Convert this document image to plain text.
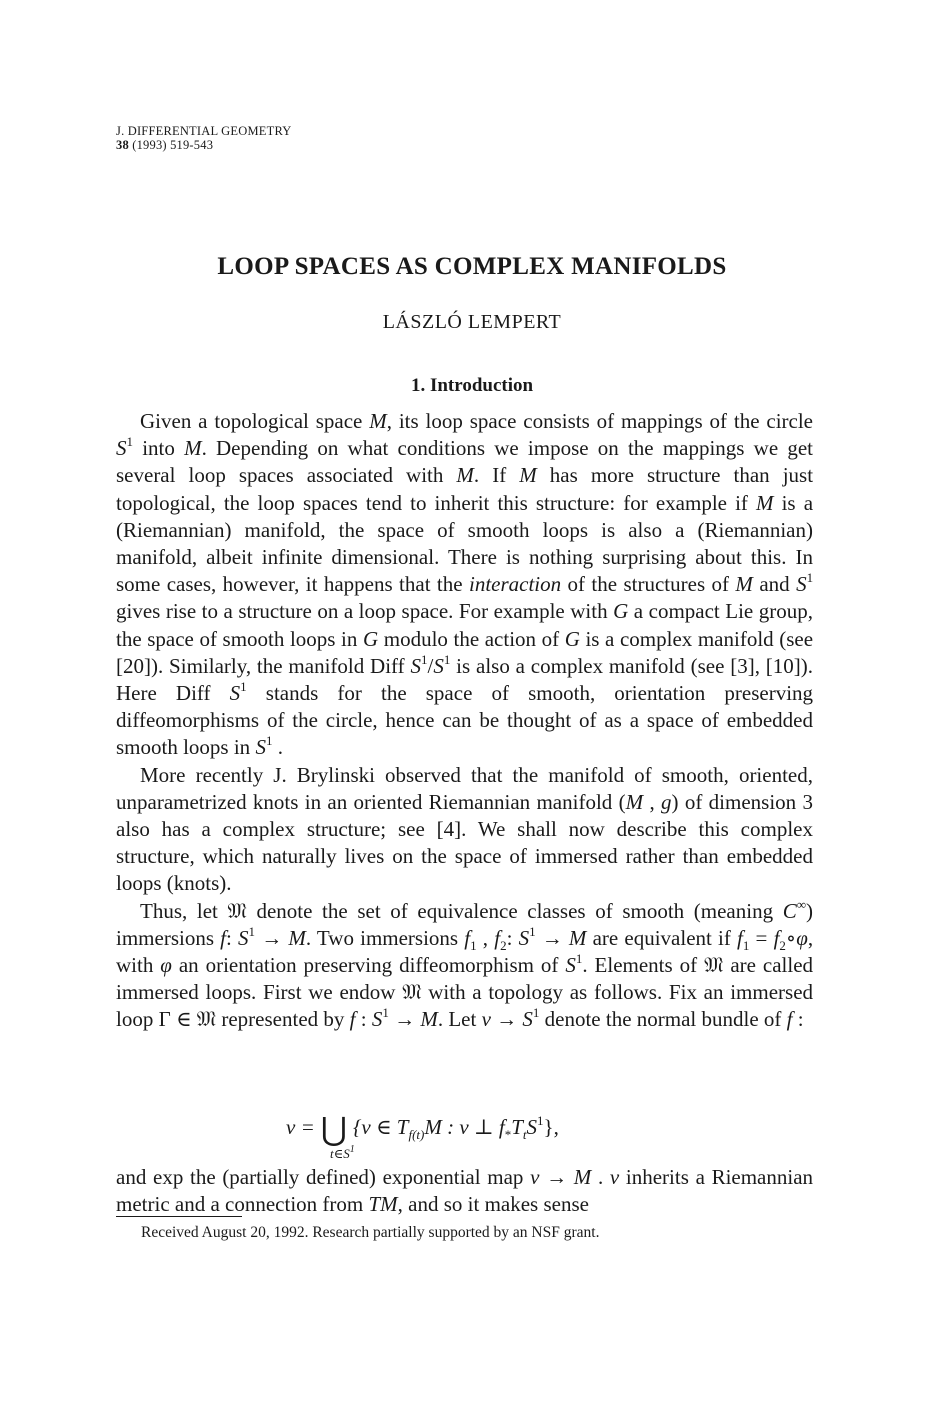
J. DIFFERENTIAL GEOMETRY
38 (1993) 519-543
LOOP SPACES AS COMPLEX MANIFOLDS
LÁSZLÓ LEMPERT
1. Introduction

Given a topological space M, its loop space consists of mappings of the circle $S^1$ into M. Depending on what conditions we impose on the mappings we get several loop spaces associated with M. If M has more structure than just topological, the loop spaces tend to inherit this structure: for example if M is a (Riemannian) manifold, the space of smooth loops is also a (Riemannian) manifold, albeit infinite dimensional. There is nothing surprising about this. In some cases, however, it happens that the interaction of the structures of M and $S^1$ gives rise to a structure on a loop space. For example with G a compact Lie group, the space of smooth loops in G modulo the action of G is a complex manifold (see [20]). Similarly, the manifold Diff $S^1/S^1$ is also a complex manifold (see [3], [10]). Here Diff $S^1$ stands for the space of smooth, orientation preserving diffeomorphisms of the circle, hence can be thought of as a space of embedded smooth loops in $S^1$ .

More recently J. Brylinski observed that the manifold of smooth, oriented, unparametrized knots in an oriented Riemannian manifold (M , g) of dimension 3 also has a complex structure; see [4]. We shall now describe this complex structure, which naturally lives on the space of immersed rather than embedded loops (knots).

Thus, let 𝔐 denote the set of equivalence classes of smooth (meaning C∞) immersions f: $S^1 \to M$. Two immersions $f_1$ , $f_2$: $S^1 \to M$ are equivalent if $f_1$ = $f_2\circ\varphi$, with φ an orientation preserving diffeomorphism of $S^1$. Elements of 𝔐 are called immersed loops. First we endow 𝔐 with a topology as follows. Fix an immersed loop Γ ∈ 𝔐 represented by f : $S^1 \to M$. Let $\nu \to S^1$ denote the normal bundle of f :

ν = ⋃ {v ∈ $T_{f(t)}M$ : v ⊥ $f_*T_tS^1$},
$t\in S^1$
and exp the (partially defined) exponential map ν → M . ν inherits a Riemannian metric and a connection from TM, and so it makes sense
Received August 20, 1992. Research partially supported by an NSF grant.
